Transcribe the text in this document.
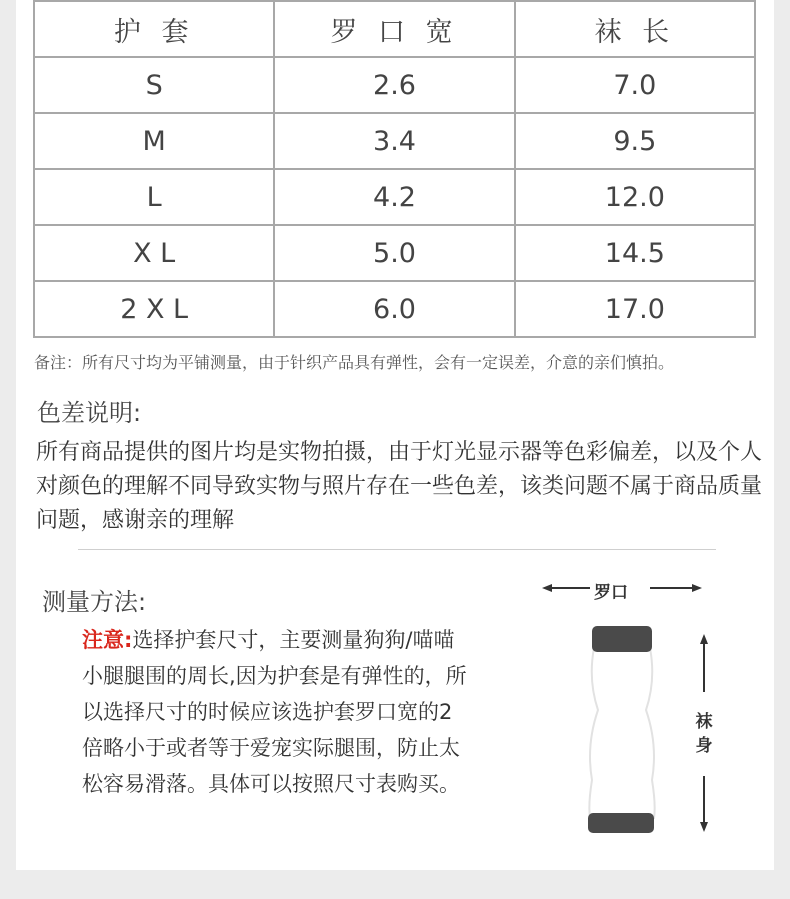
护 套	罗 口 宽	袜 长
S	2.6	7.0
M	3.4	9.5
L	4.2	12.0
X L	5.0	14.5
2 X L	6.0	17.0
备注：所有尺寸均为平铺测量，由于针织产品具有弹性，会有一定误差，介意的亲们慎拍。
色差说明:
所有商品提供的图片均是实物拍摄，由于灯光显示器等色彩偏差，以及个人对颜色的理解不同导致实物与照片存在一些色差，该类问题不属于商品质量问题，感谢亲的理解
测量方法:
注意:选择护套尺寸，主要测量狗狗/喵喵小腿腿围的周长,因为护套是有弹性的，所以选择尺寸的时候应该选护套罗口宽的2倍略小于或者等于爱宠实际腿围，防止太松容易滑落。具体可以按照尺寸表购买。
罗口
袜
身
